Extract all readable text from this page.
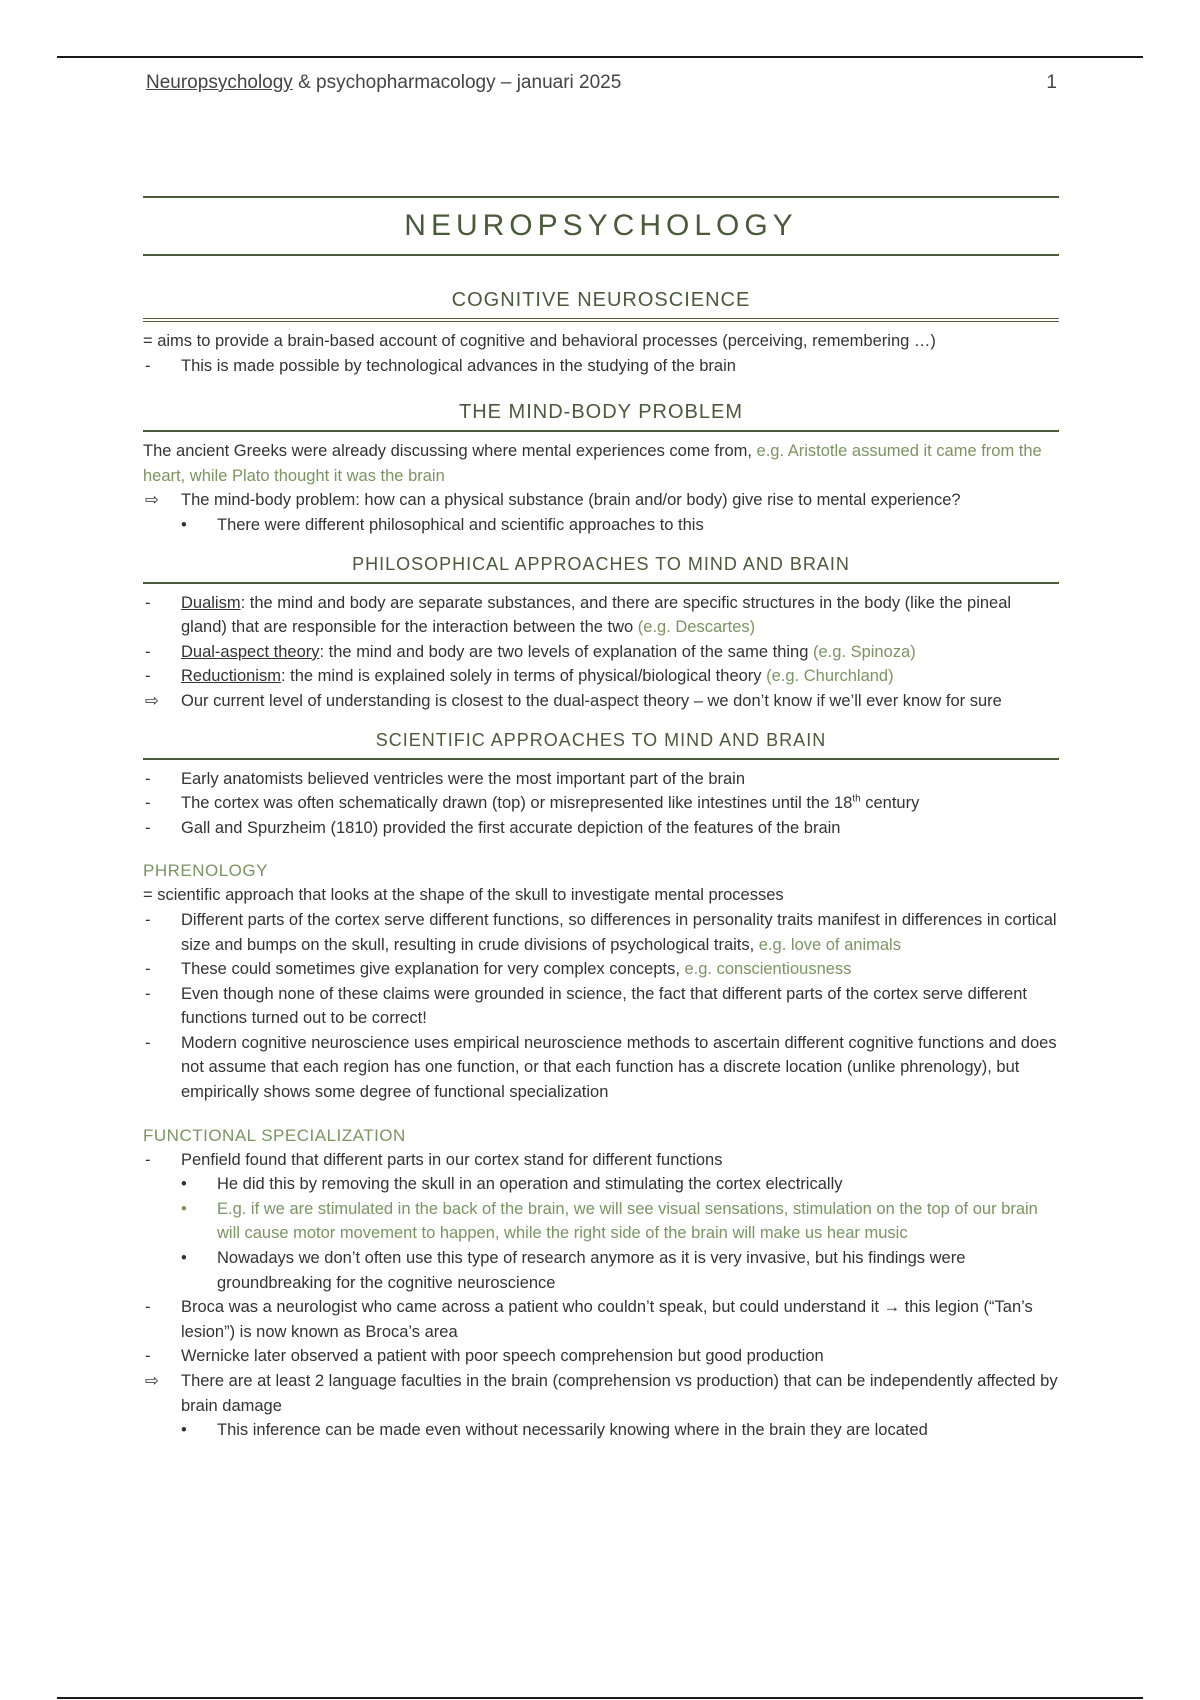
Neuropsychology & psychopharmacology – januari 2025	1
NEUROPSYCHOLOGY
COGNITIVE NEUROSCIENCE

= aims to provide a brain-based account of cognitive and behavioral processes (perceiving, remembering …)

-	This is made possible by technological advances in the studying of the brain

THE MIND-BODY PROBLEM

The ancient Greeks were already discussing where mental experiences come from, e.g. Aristotle assumed it came from the heart, while Plato thought it was the brain

⇨	The mind-body problem: how can a physical substance (brain and/or body) give rise to mental experience?

•	There were different philosophical and scientific approaches to this

PHILOSOPHICAL APPROACHES TO MIND AND BRAIN

-	Dualism: the mind and body are separate substances, and there are specific structures in the body (like the pineal gland) that are responsible for the interaction between the two (e.g. Descartes)

-	Dual-aspect theory: the mind and body are two levels of explanation of the same thing (e.g. Spinoza)

-	Reductionism: the mind is explained solely in terms of physical/biological theory (e.g. Churchland)

⇨	Our current level of understanding is closest to the dual-aspect theory – we don’t know if we’ll ever know for sure

SCIENTIFIC APPROACHES TO MIND AND BRAIN

-	Early anatomists believed ventricles were the most important part of the brain

-	The cortex was often schematically drawn (top) or misrepresented like intestines until the 18th century

-	Gall and Spurzheim (1810) provided the first accurate depiction of the features of the brain

PHRENOLOGY

= scientific approach that looks at the shape of the skull to investigate mental processes

-	Different parts of the cortex serve different functions, so differences in personality traits manifest in differences in cortical size and bumps on the skull, resulting in crude divisions of psychological traits, e.g. love of animals

-	These could sometimes give explanation for very complex concepts, e.g. conscientiousness

-	Even though none of these claims were grounded in science, the fact that different parts of the cortex serve different functions turned out to be correct!

-	Modern cognitive neuroscience uses empirical neuroscience methods to ascertain different cognitive functions and does not assume that each region has one function, or that each function has a discrete location (unlike phrenology), but empirically shows some degree of functional specialization

FUNCTIONAL SPECIALIZATION

-	Penfield found that different parts in our cortex stand for different functions

•	He did this by removing the skull in an operation and stimulating the cortex electrically

•	E.g. if we are stimulated in the back of the brain, we will see visual sensations, stimulation on the top of our brain will cause motor movement to happen, while the right side of the brain will make us hear music

•	Nowadays we don’t often use this type of research anymore as it is very invasive, but his findings were groundbreaking for the cognitive neuroscience

-	Broca was a neurologist who came across a patient who couldn’t speak, but could understand it → this legion (“Tan’s lesion”) is now known as Broca’s area

-	Wernicke later observed a patient with poor speech comprehension but good production

⇨	There are at least 2 language faculties in the brain (comprehension vs production) that can be independently affected by brain damage

•	This inference can be made even without necessarily knowing where in the brain they are located
